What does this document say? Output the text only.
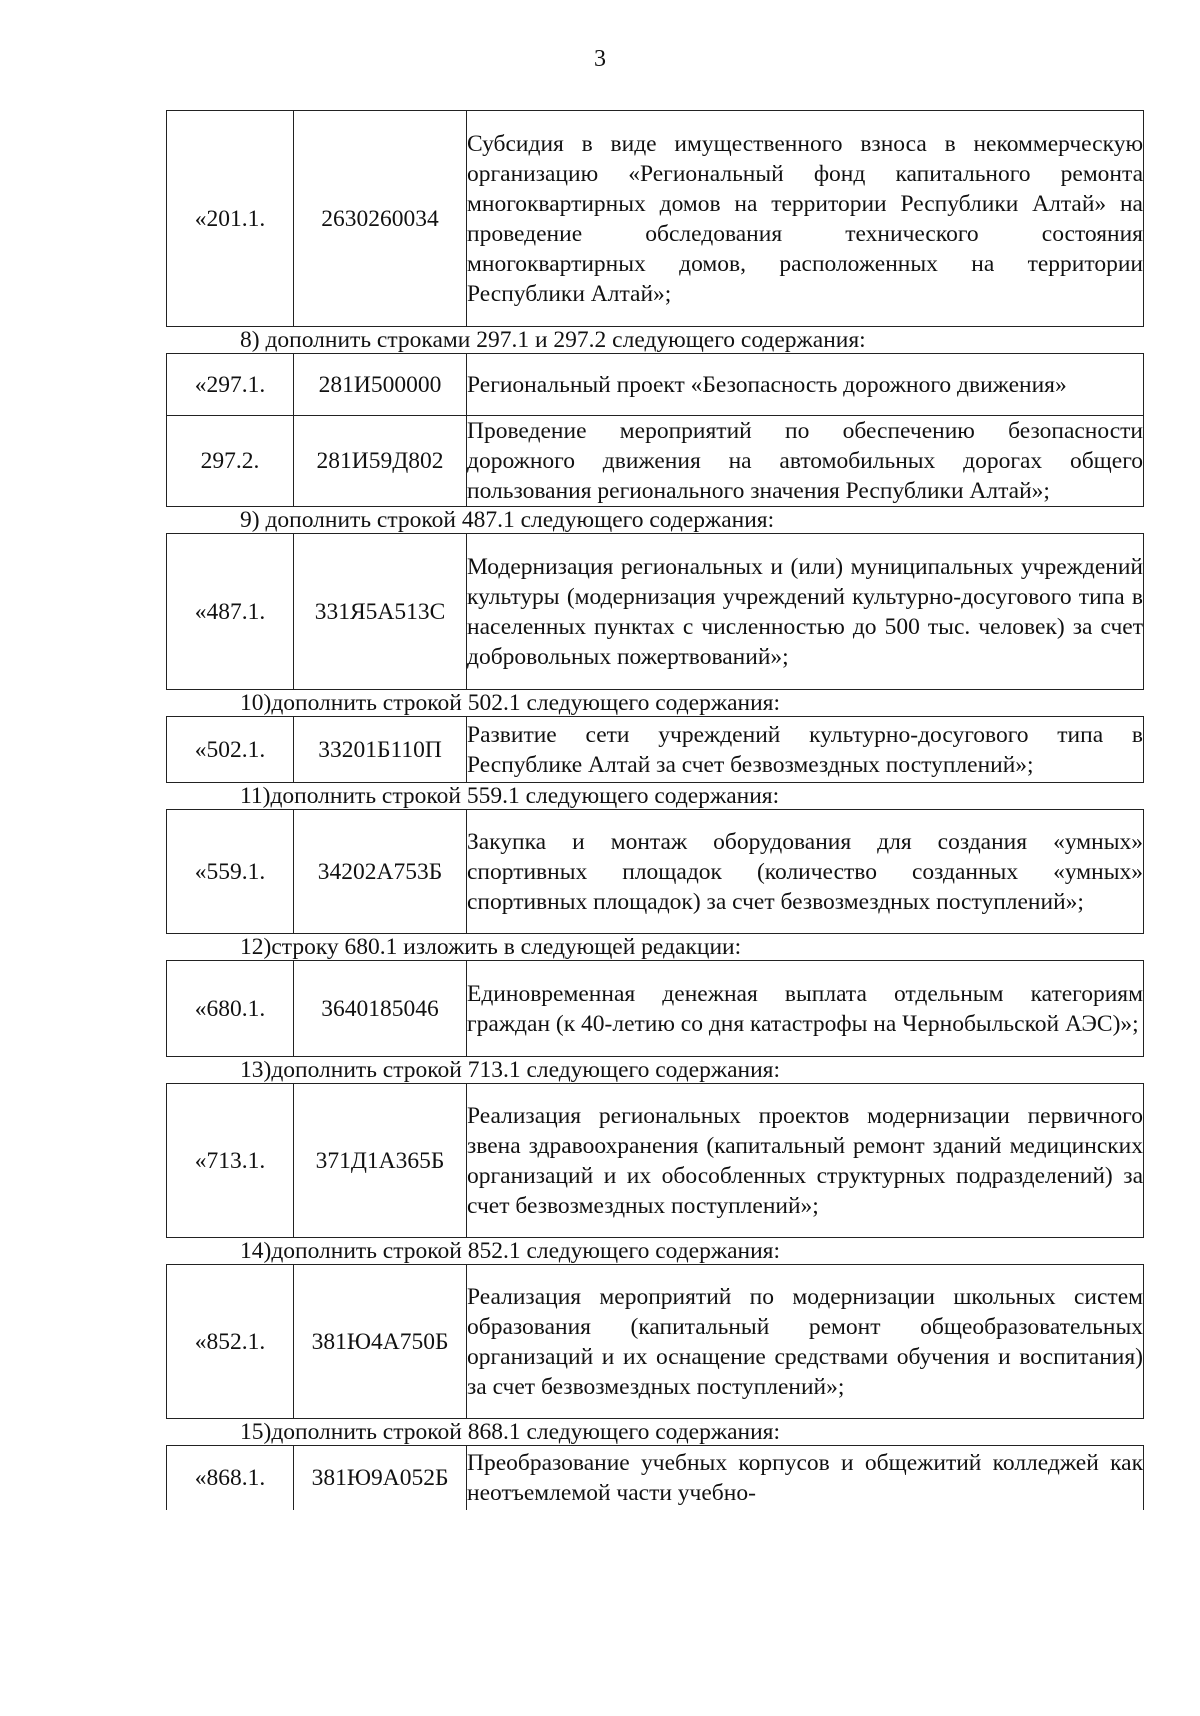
3
«201.1.	2630260034	Субсидия в виде имущественного взноса в некоммерческую организацию «Региональный фонд капитального ремонта многоквартирных домов на территории Республики Алтай» на проведение обследования технического состояния многоквартирных домов, расположенных на территории Республики Алтай»;
8) дополнить строками 297.1 и 297.2 следующего содержания:
«297.1.	281И500000	Региональный проект «Безопасность дорожного движения»
297.2.	281И59Д802	Проведение мероприятий по обеспечению безопасности дорожного движения на автомобильных дорогах общего пользования регионального значения Республики Алтай»;
9) дополнить строкой 487.1 следующего содержания:
«487.1.	331Я5А513С	Модернизация региональных и (или) муниципальных учреждений культуры (модернизация учреждений культурно-досугового типа в населенных пунктах с численностью до 500 тыс. человек) за счет добровольных пожертвований»;
10)дополнить строкой 502.1 следующего содержания:
«502.1.	33201Б110П	Развитие сети учреждений культурно-досугового типа в Республике Алтай за счет безвозмездных поступлений»;
11)дополнить строкой 559.1 следующего содержания:
«559.1.	34202А753Б	Закупка и монтаж оборудования для создания «умных» спортивных площадок (количество созданных «умных» спортивных площадок) за счет безвозмездных поступлений»;
12)строку 680.1 изложить в следующей редакции:
«680.1.	3640185046	Единовременная денежная выплата отдельным категориям граждан (к 40-летию со дня катастрофы на Чернобыльской АЭС)»;
13)дополнить строкой 713.1 следующего содержания:
«713.1.	371Д1А365Б	Реализация региональных проектов модернизации первичного звена здравоохранения (капитальный ремонт зданий медицинских организаций и их обособленных структурных подразделений) за счет безвозмездных поступлений»;
14)дополнить строкой 852.1 следующего содержания:
«852.1.	381Ю4А750Б	Реализация мероприятий по модернизации школьных систем образования (капитальный ремонт общеобразовательных организаций и их оснащение средствами обучения и воспитания) за счет безвозмездных поступлений»;
15)дополнить строкой 868.1 следующего содержания:
«868.1.	381Ю9А052Б	Преобразование учебных корпусов и общежитий колледжей как неотъемлемой части учебно-
